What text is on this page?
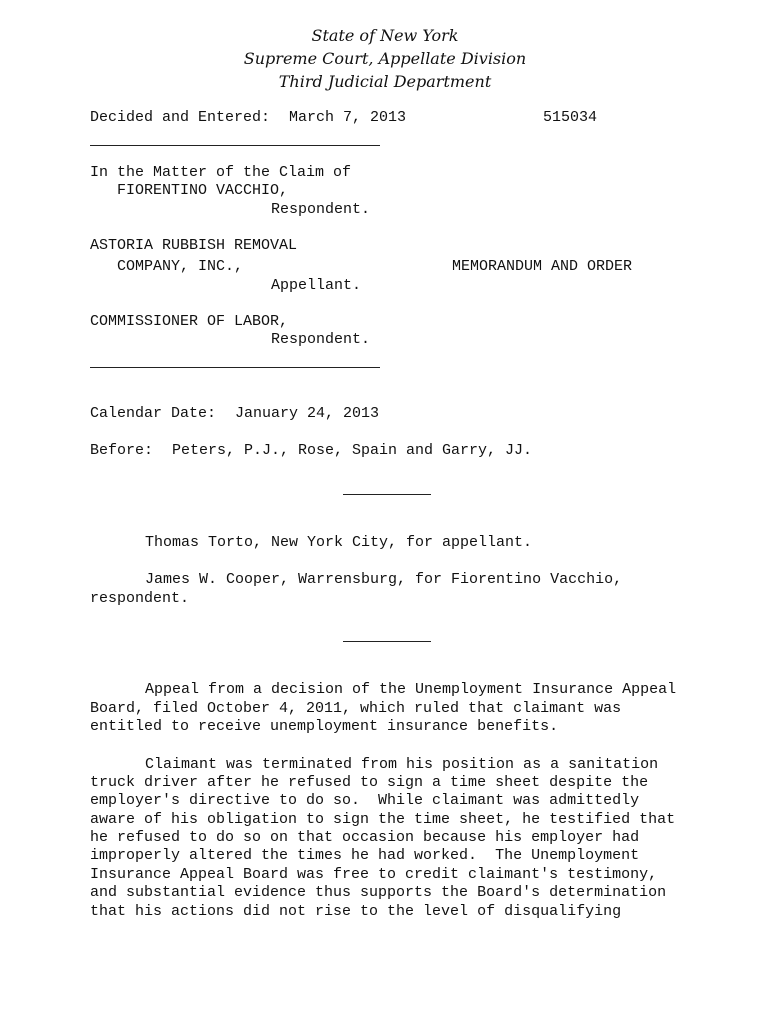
State of New York
Supreme Court, Appellate Division
Third Judicial Department
Decided and Entered: March 7, 2013	515034
In the Matter of the Claim of
FIORENTINO VACCHIO,
Respondent.
ASTORIA RUBBISH REMOVAL
COMPANY, INC.,	MEMORANDUM AND ORDER
Appellant.
COMMISSIONER OF LABOR,
Respondent.
Calendar Date: January 24, 2013
Before: Peters, P.J., Rose, Spain and Garry, JJ.
Thomas Torto, New York City, for appellant.
James W. Cooper, Warrensburg, for Fiorentino Vacchio,
respondent.
Appeal from a decision of the Unemployment Insurance Appeal
Board, filed October 4, 2011, which ruled that claimant was
entitled to receive unemployment insurance benefits.
Claimant was terminated from his position as a sanitation
truck driver after he refused to sign a time sheet despite the
employer's directive to do so.  While claimant was admittedly
aware of his obligation to sign the time sheet, he testified that
he refused to do so on that occasion because his employer had
improperly altered the times he had worked.  The Unemployment
Insurance Appeal Board was free to credit claimant's testimony,
and substantial evidence thus supports the Board's determination
that his actions did not rise to the level of disqualifying
